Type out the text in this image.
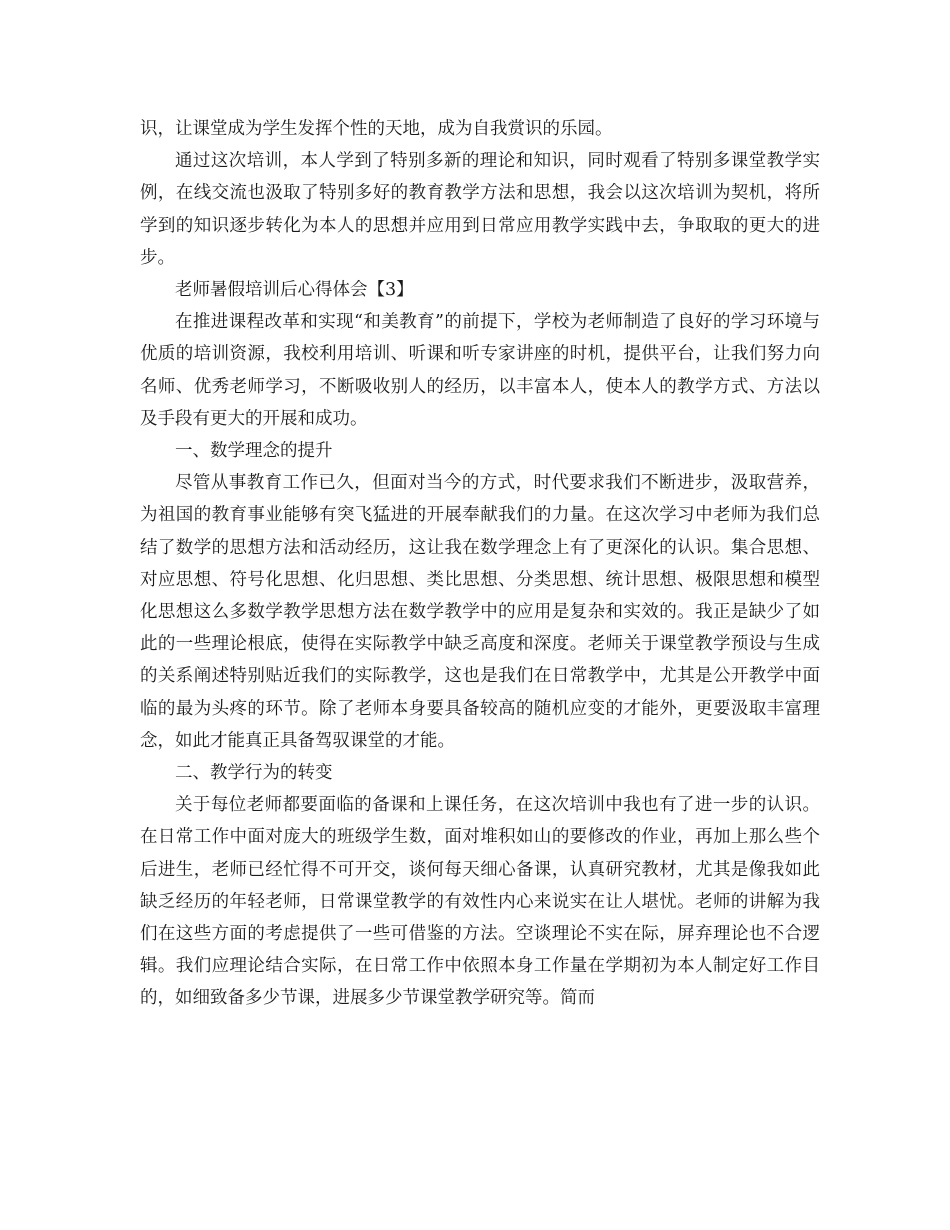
识，让课堂成为学生发挥个性的天地，成为自我赏识的乐园。

通过这次培训，本人学到了特别多新的理论和知识，同时观看了特别多课堂教学实例，在线交流也汲取了特别多好的教育教学方法和思想，我会以这次培训为契机，将所学到的知识逐步转化为本人的思想并应用到日常应用教学实践中去，争取取的更大的进步。

老师暑假培训后心得体会【3】

在推进课程改革和实现“和美教育”的前提下，学校为老师制造了良好的学习环境与优质的培训资源，我校利用培训、听课和听专家讲座的时机，提供平台，让我们努力向名师、优秀老师学习，不断吸收别人的经历，以丰富本人，使本人的教学方式、方法以及手段有更大的开展和成功。

一、数学理念的提升

尽管从事教育工作已久，但面对当今的方式，时代要求我们不断进步，汲取营养，为祖国的教育事业能够有突飞猛进的开展奉献我们的力量。在这次学习中老师为我们总结了数学的思想方法和活动经历，这让我在数学理念上有了更深化的认识。集合思想、对应思想、符号化思想、化归思想、类比思想、分类思想、统计思想、极限思想和模型化思想这么多数学教学思想方法在数学教学中的应用是复杂和实效的。我正是缺少了如此的一些理论根底，使得在实际教学中缺乏高度和深度。老师关于课堂教学预设与生成的关系阐述特别贴近我们的实际教学，这也是我们在日常教学中，尤其是公开教学中面临的最为头疼的环节。除了老师本身要具备较高的随机应变的才能外，更要汲取丰富理念，如此才能真正具备驾驭课堂的才能。

二、教学行为的转变

关于每位老师都要面临的备课和上课任务，在这次培训中我也有了进一步的认识。在日常工作中面对庞大的班级学生数，面对堆积如山的要修改的作业，再加上那么些个后进生，老师已经忙得不可开交，谈何每天细心备课，认真研究教材，尤其是像我如此缺乏经历的年轻老师，日常课堂教学的有效性内心来说实在让人堪忧。老师的讲解为我们在这些方面的考虑提供了一些可借鉴的方法。空谈理论不实在际，屏弃理论也不合逻辑。我们应理论结合实际，在日常工作中依照本身工作量在学期初为本人制定好工作目的，如细致备多少节课，进展多少节课堂教学研究等。简而
